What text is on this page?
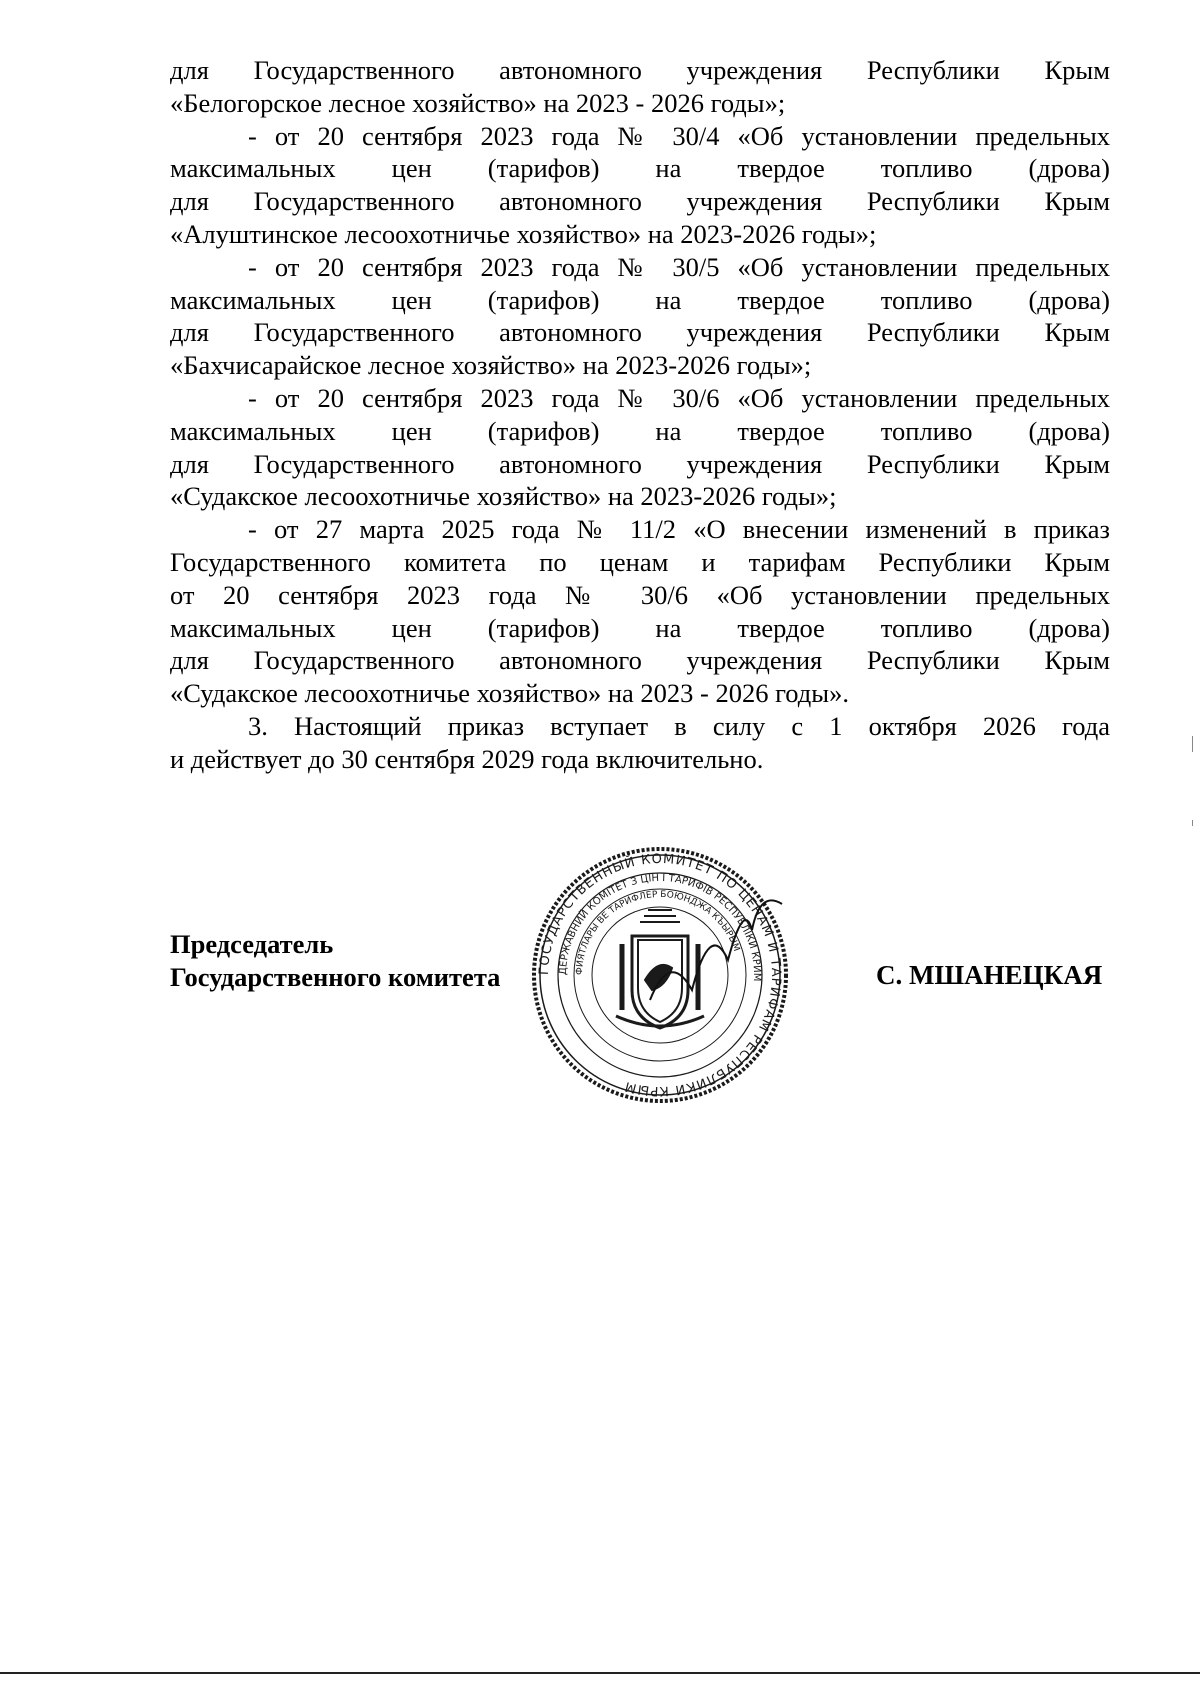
для Государственного автономного учреждения Республики Крым
«Белогорское лесное хозяйство» на 2023 - 2026 годы»;
- от 20 сентября 2023 года № 30/4 «Об установлении предельных
максимальных цен (тарифов) на твердое топливо (дрова)
для Государственного автономного учреждения Республики Крым
«Алуштинское лесоохотничье хозяйство» на 2023-2026 годы»;
- от 20 сентября 2023 года № 30/5 «Об установлении предельных
максимальных цен (тарифов) на твердое топливо (дрова)
для Государственного автономного учреждения Республики Крым
«Бахчисарайское лесное хозяйство» на 2023-2026 годы»;
- от 20 сентября 2023 года № 30/6 «Об установлении предельных
максимальных цен (тарифов) на твердое топливо (дрова)
для Государственного автономного учреждения Республики Крым
«Судакское лесоохотничье хозяйство» на 2023-2026 годы»;
- от 27 марта 2025 года № 11/2 «О внесении изменений в приказ
Государственного комитета по ценам и тарифам Республики Крым
от 20 сентября 2023 года № 30/6 «Об установлении предельных
максимальных цен (тарифов) на твердое топливо (дрова)
для Государственного автономного учреждения Республики Крым
«Судакское лесоохотничье хозяйство» на 2023 - 2026 годы».
3. Настоящий приказ вступает в силу с 1 октября 2026 года
и действует до 30 сентября 2029 года включительно.
Председатель
Государственного комитета	ГОСУДАРСТВЕННЫЙ КОМИТЕТ ПО ЦЕНАМ И ТАРИФАМ РЕСПУБЛИКИ КРЫМ
ДЕРЖАВНИЙ КОМІТЕТ З ЦІН І ТАРИФІВ РЕСПУБЛІКИ КРИМ
ФИЯТЛАРЫ ВЕ ТАРИФЛЕР БОЮНДЖА КЪЫРЫМ
С. МШАНЕЦКАЯ
